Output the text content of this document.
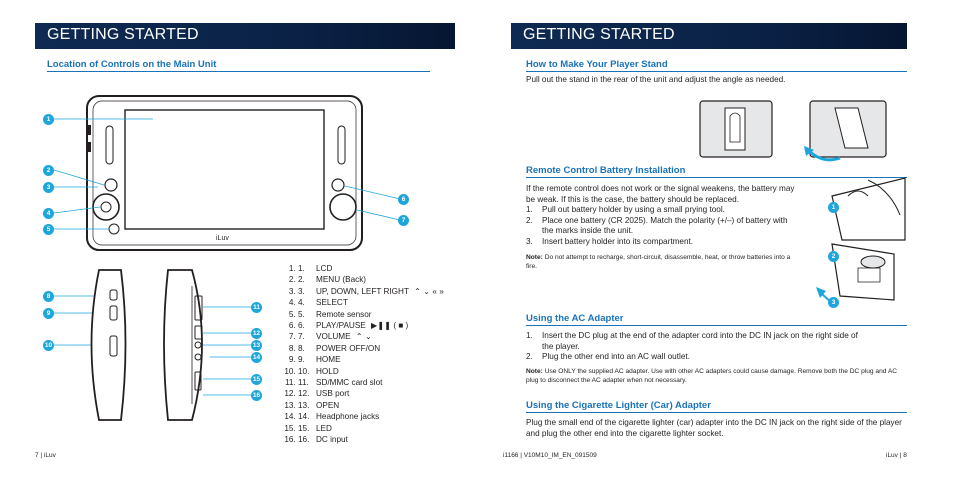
GETTING STARTED
Location of Controls on the Main Unit
1
2
3
4
5
6
7
8
9
10
11
12
13
14
15
16
iLuv
1. 1.	LCD
2. 2.	MENU (Back)
3. 3.	UP, DOWN, LEFT RIGHT ⌃ ⌄ « »
4. 4.	SELECT
5. 5.	Remote sensor
6. 6.	PLAY/PAUSE ▶❚❚ ( ■ )
7. 7.	VOLUME ⌃ ⌄
8. 8.	POWER OFF/ON
9. 9.	HOME
10. 10. HOLD
11. 11. SD/MMC card slot
12. 12. USB port
13. 13. OPEN
14. 14. Headphone jacks
15. 15. LED
16. 16. DC input
7 | iLuv
GETTING STARTED
How to Make Your Player Stand
Pull out the stand in the rear of the unit and adjust the angle as needed.
Remote Control Battery Installation
If the remote control does not work or the signal weakens, the battery may be weak. If this is the case, the battery should be replaced.
1. Pull out battery holder by using a small prying tool.
2. Place one battery (CR 2025). Match the polarity (+/–) of battery with the marks inside the unit.
3. Insert battery holder into its compartment.
Note: Do not attempt to recharge, short-circuit, disassemble, heat, or throw batteries into a fire.
1
2
3
Using the AC Adapter
1. Insert the DC plug at the end of the adapter cord into the DC IN jack on the right side of the player.
2. Plug the other end into an AC wall outlet.
Note: Use ONLY the supplied AC adapter. Use with other AC adapters could cause damage. Remove both the DC plug and AC plug to disconnect the AC adapter when not necessary.
Using the Cigarette Lighter (Car) Adapter
Plug the small end of the cigarette lighter (car) adapter into the DC IN jack on the right side of the player and plug the other end into the cigarette lighter socket.
i1166 | V10M10_IM_EN_091509	iLuv | 8
